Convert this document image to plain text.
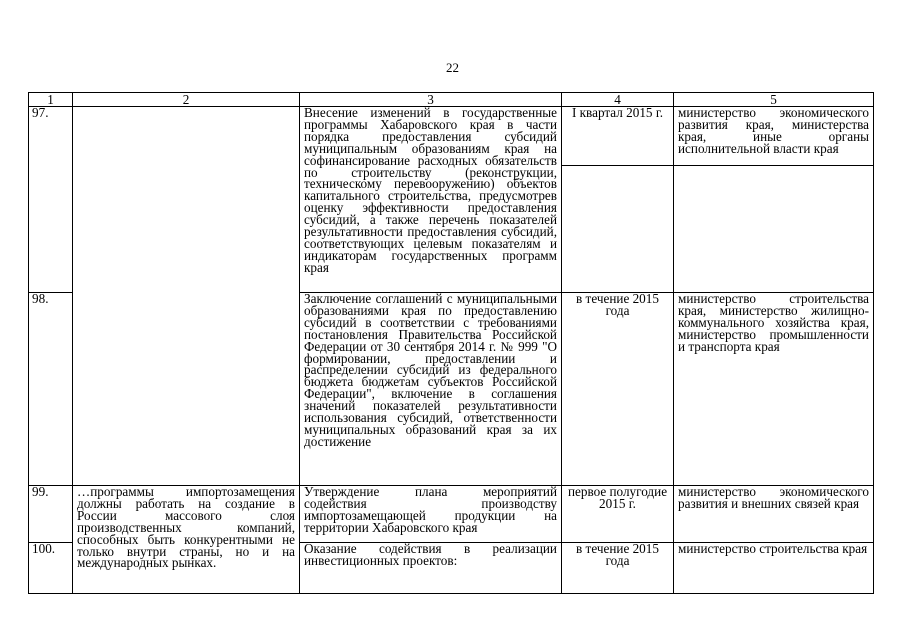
22
1	2	3	4	5
97.		Внесение изменений в государственные программы Хабаровского края в части порядка предоставления субсидий муниципальным образованиям края на софинансирование расходных обязательств по строительству (реконструкции, техническому перевооружению) объектов капитального строительства, предусмотрев оценку эффективности предоставления субсидий, а также перечень показателей результативности предоставления субсидий, соответствующих целевым показателям и индикаторам государственных программ края	I квартал 2015 г.	министерство экономического развития края, министерства края, иные органы исполнительной власти края

98.		Заключение соглашений с муниципальными образованиями края по предоставлению субсидий в соответствии с требованиями постановления Правительства Российской Федерации от 30 сентября 2014 г. № 999 "О формировании, предоставлении и распределении субсидий из федерального бюджета бюджетам субъектов Российской Федерации", включение в соглашения значений показателей результативности использования субсидий, ответственности муниципальных образований края за их достижение	в течение 2015 года	министерство строительства края, министерство жилищно-коммунального хозяйства края, министерство промышленности и транспорта края
99.	…программы импортозамещения должны работать на создание в России массового слоя производственных компаний, способных быть конкурентными не только внутри страны, но и на международных рынках.	Утверждение плана мероприятий содействия производству импортозамещающей продукции на территории Хабаровского края	первое полугодие 2015 г.	министерство экономического развития и внешних связей края
100.		Оказание содействия в реализации инвестиционных проектов:	в течение 2015 года	министерство строительства края
